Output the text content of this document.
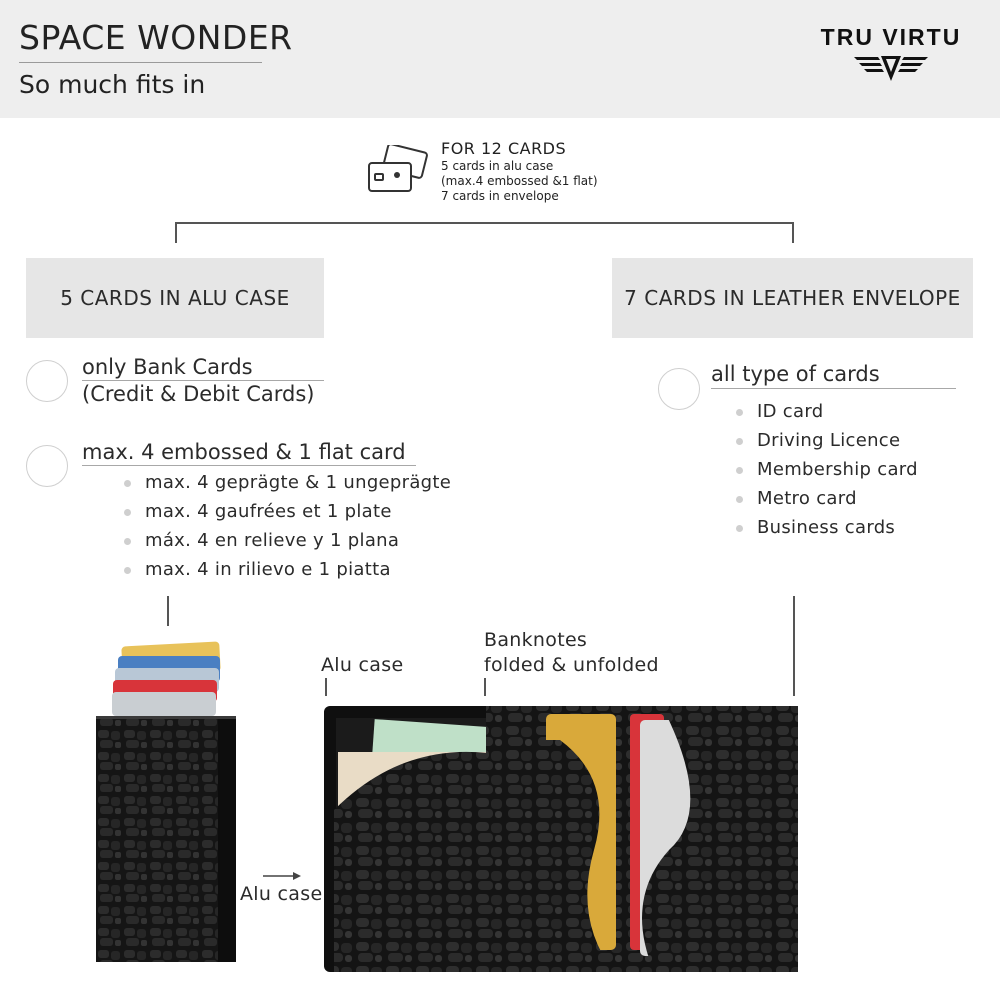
SPACE WONDER
So much fits in
TRU VIRTU
FOR 12 CARDS
5 cards in alu case
(max.4 embossed &1 flat)
7 cards in envelope
5 CARDS IN ALU CASE
only Bank Cards
(Credit & Debit Cards)
max. 4 embossed & 1 flat card
max. 4 geprägte & 1 ungeprägte
max. 4 gaufrées et 1 plate
máx. 4 en relieve y 1 plana
max. 4 in rilievo e 1 piatta
7 CARDS IN LEATHER ENVELOPE
all type of cards
ID card
Driving Licence
Membership card
Metro card
Business cards
Alu case
Banknotes
folded & unfolded
Alu case
